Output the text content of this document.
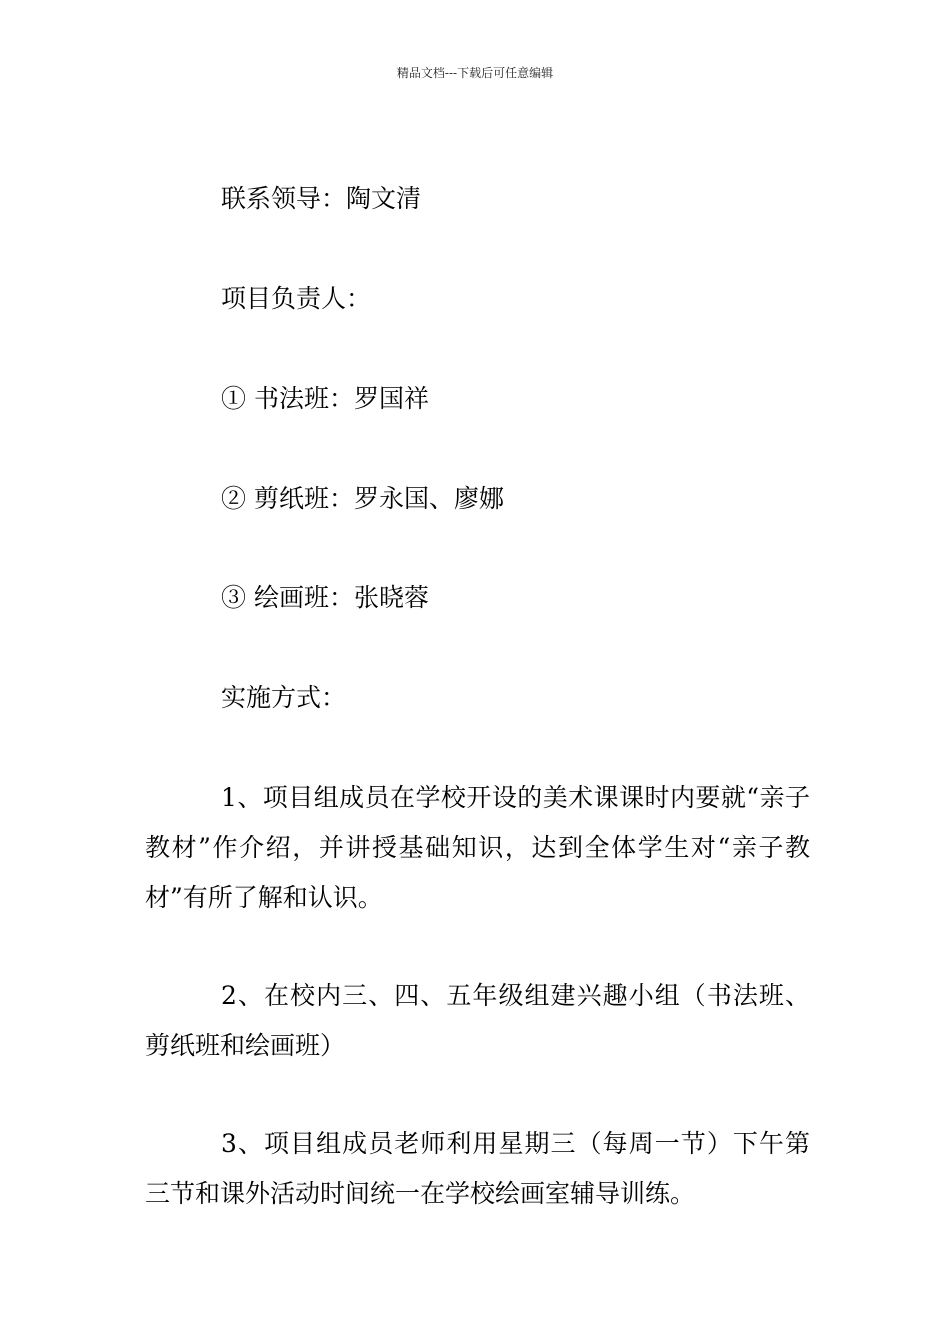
精品文档---下载后可任意编辑
联系领导：陶文清
项目负责人：
① 书法班：罗国祥
② 剪纸班：罗永国、廖娜
③ 绘画班：张晓蓉
实施方式：
1、项目组成员在学校开设的美术课课时内要就“亲子教材”作介绍，并讲授基础知识，达到全体学生对“亲子教材”有所了解和认识。
2、在校内三、四、五年级组建兴趣小组（书法班、剪纸班和绘画班）
3、项目组成员老师利用星期三（每周一节）下午第三节和课外活动时间统一在学校绘画室辅导训练。
